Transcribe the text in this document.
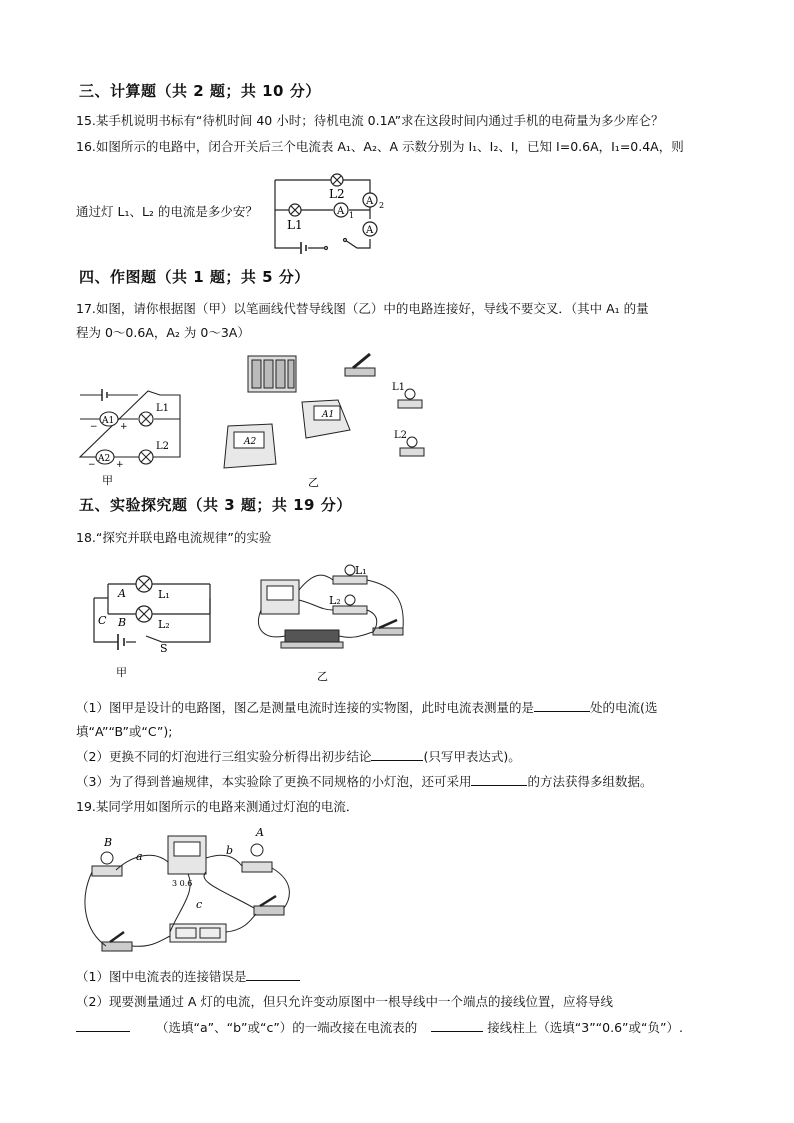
三、计算题（共 2 题；共 10 分）
15.某手机说明书标有“待机时间 40 小时；待机电流 0.1A”求在这段时间内通过手机的电荷量为多少库仑？
16.如图所示的电路中，闭合开关后三个电流表 A₁、A₂、A 示数分别为 I₁、I₂、I，已知 I=0.6A，I₁=0.4A，则
通过灯 L₁、L₂ 的电流是多少安？
L2
L1
A 1
A 2
A
四、作图题（共 1 题；共 5 分）
17.如图，请你根据图（甲）以笔画线代替导线图（乙）中的电路连接好，导线不要交叉．（其中 A₁ 的量
程为 0～0.6A，A₂ 为 0～3A）
A1
A2
− +
− +
L1
L2
甲
A1
A2
L1
L2
乙
五、实验探究题（共 3 题；共 19 分）
18.“探究并联电路电流规律”的实验
A
B
C
L₁
L₂
S
甲
L₁
L₂
乙
（1）图甲是设计的电路图，图乙是测量电流时连接的实物图，此时电流表测量的是	处的电流(选
填“A”“B”或“C”);
（2）更换不同的灯泡进行三组实验分析得出初步结论	(只写甲表达式)。
（3）为了得到普遍规律，本实验除了更换不同规格的小灯泡，还可采用	的方法获得多组数据。
19.某同学用如图所示的电路来测通过灯泡的电流．
B
A
a	b
c
3 0.6
（1）图中电流表的连接错误是
（2）现要测量通过 A 灯的电流，但只允许变动原图中一根导线中一个端点的接线位置，应将导线
（选填“a”、“b”或“c”）的一端改接在电流表的	接线柱上（选填“3”“0.6”或“负”）.
